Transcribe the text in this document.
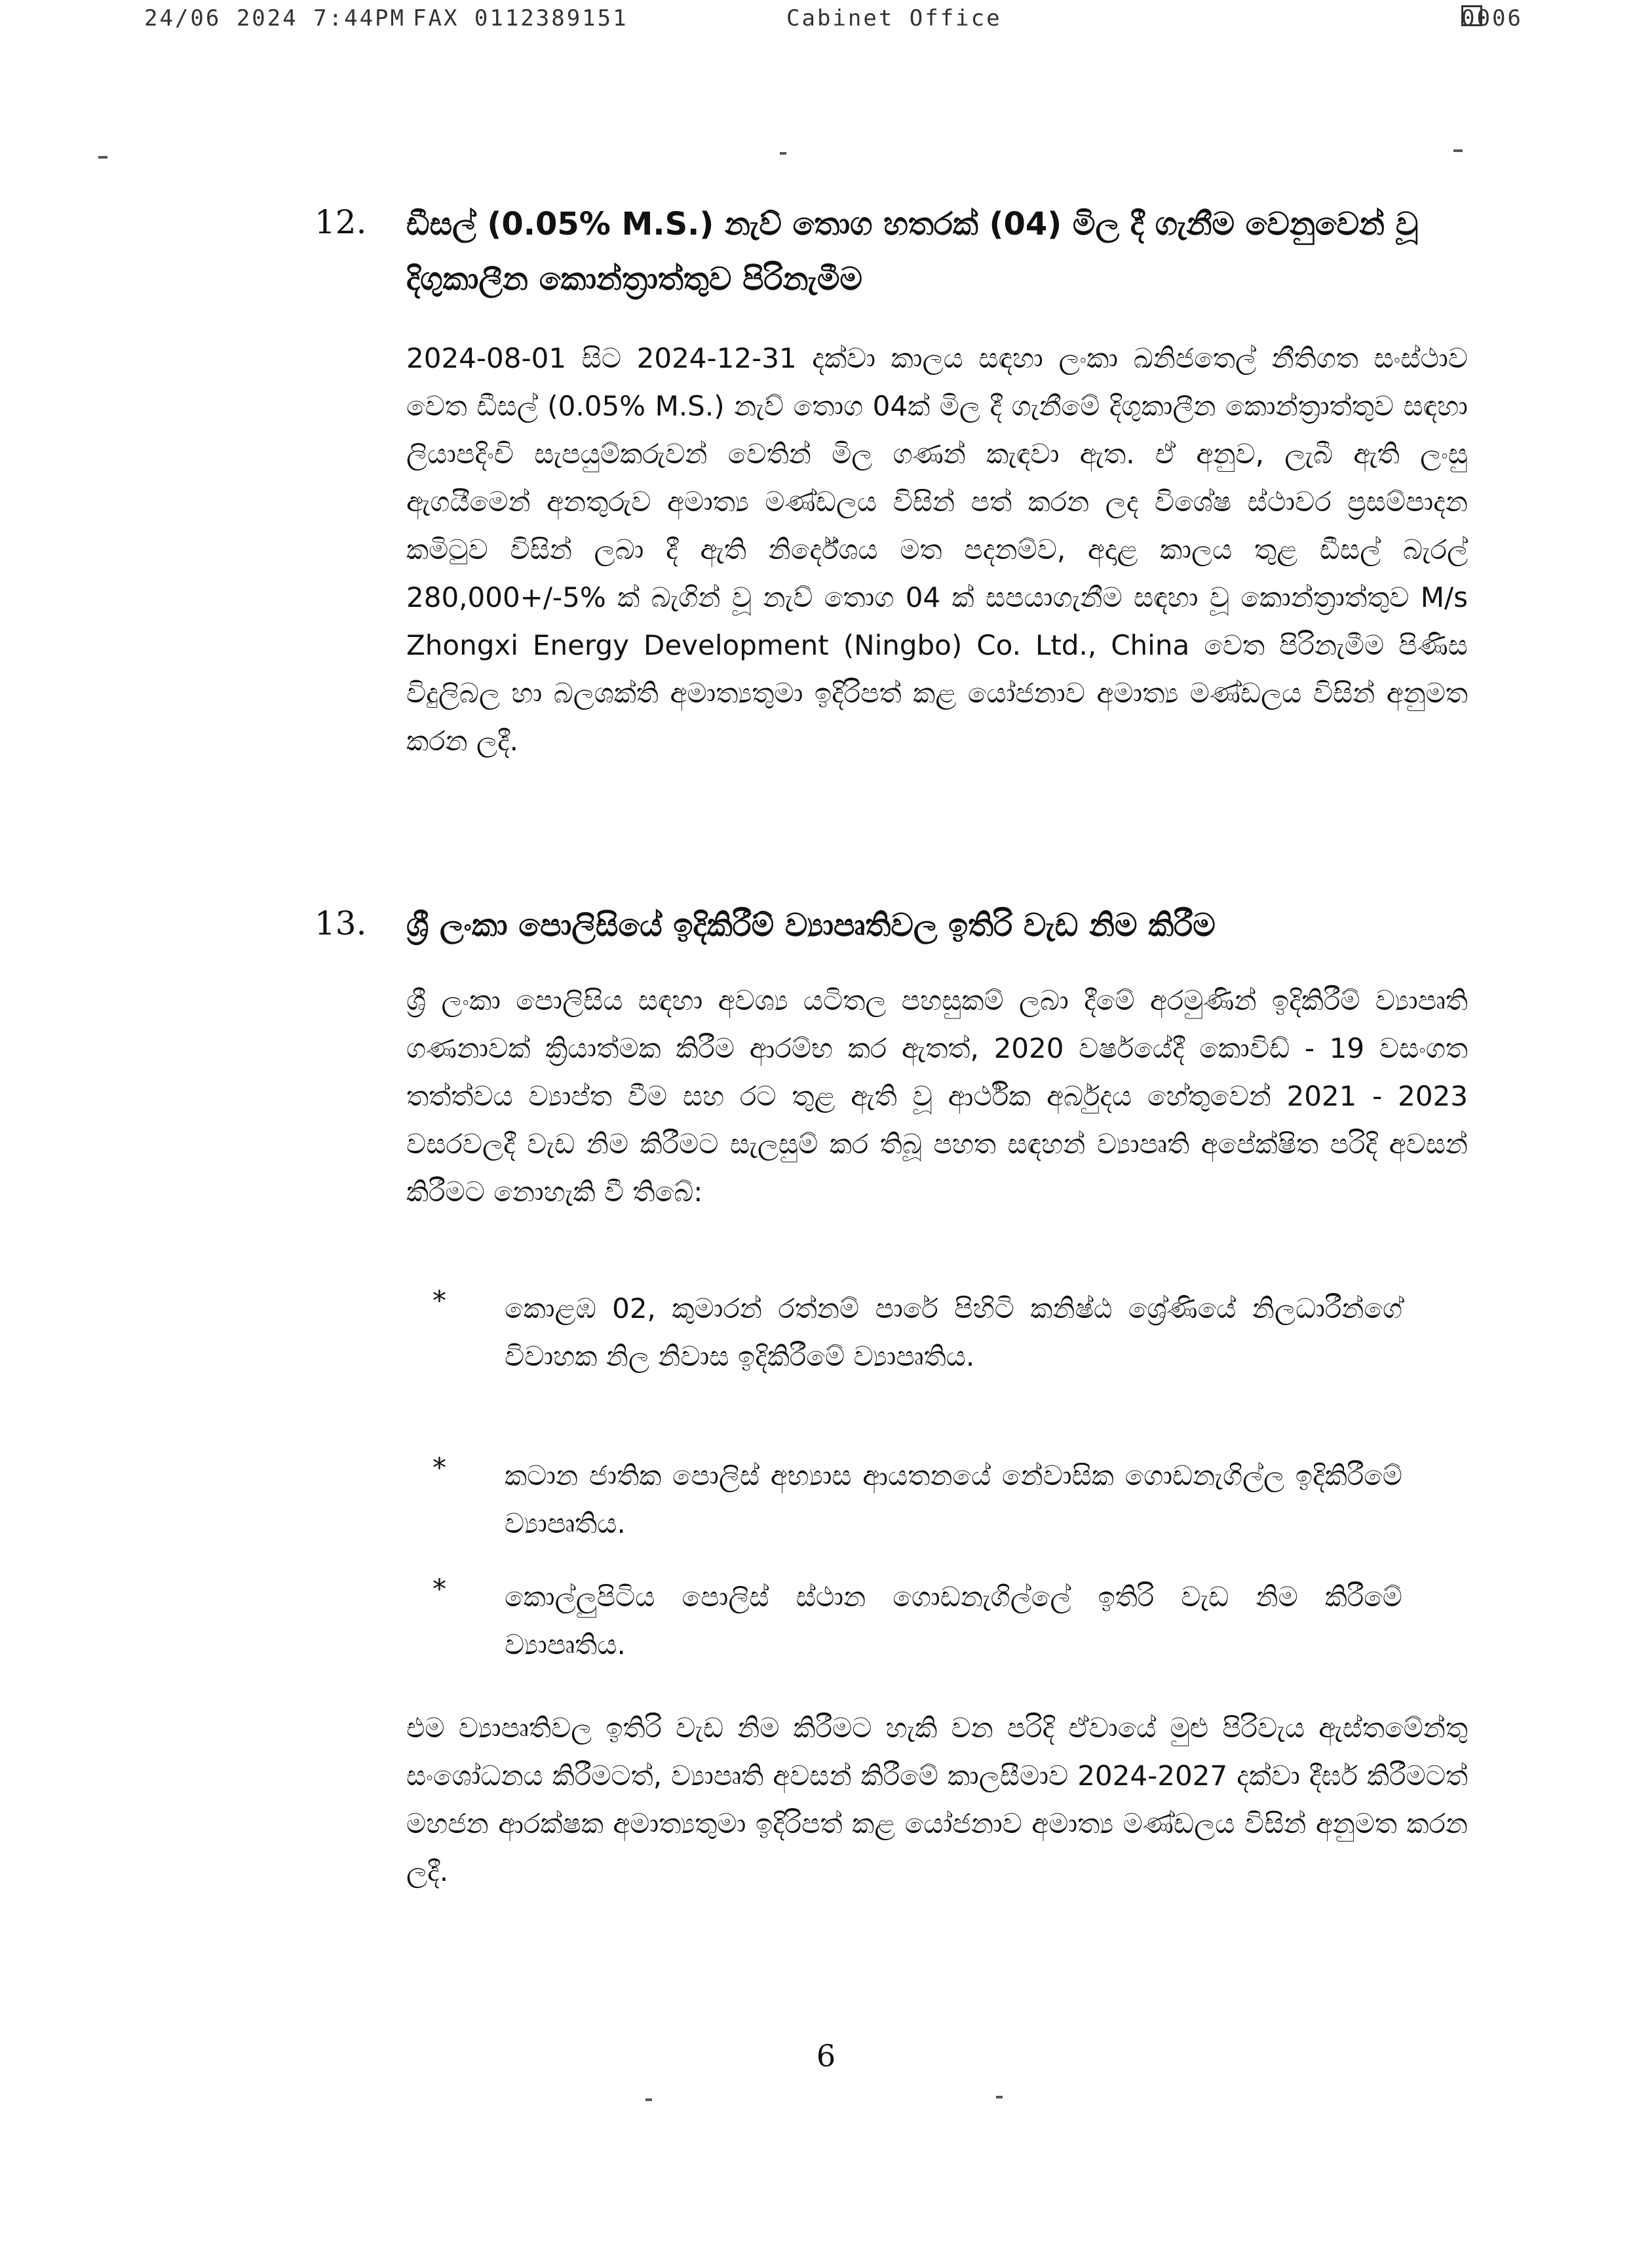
24/06 2024 7:44PM FAX 0112389151	Cabinet Office	0006
12. ඩීසල් (0.05% M.S.) නැව් තොග හතරක් (04) මිල දී ගැනීම වෙනුවෙන් වූ දිගුකාලීන කොන්ත්‍රාත්තුව පිරිනැමීම
2024-08-01 සිට 2024-12-31 දක්වා කාලය සඳහා ලංකා ඛනිජතෙල් නීතිගත සංස්ථාව වෙත ඩීසල් (0.05% M.S.) නැව් තොග 04ක් මිල දී ගැනීමේ දිගුකාලීන කොන්ත්‍රාත්තුව සඳහා ලියාපදිංචි සැපයුම්කරුවන් වෙතින් මිල ගණන් කැඳවා ඇත. ඒ අනුව, ලැබී ඇති ලංසු ඇගයීමෙන් අනතුරුව අමාත්‍ය මණ්ඩලය විසින් පත් කරන ලද විශේෂ ස්ථාවර ප්‍රසම්පාදන කමිටුව විසින් ලබා දී ඇති නිර්දේශය මත පදනම්ව, අදාළ කාලය තුළ ඩීසල් බැරල් 280,000+/-5% ක් බැගින් වූ නැව් තොග 04 ක් සපයාගැනීම සඳහා වූ කොන්ත්‍රාත්තුව M/s Zhongxi Energy Development (Ningbo) Co. Ltd., China වෙත පිරිනැමීම පිණිස විදුලිබල හා බලශක්ති අමාත්‍යතුමා ඉදිරිපත් කළ යෝජනාව අමාත්‍ය මණ්ඩලය විසින් අනුමත කරන ලදී.
13. ශ්‍රී ලංකා පොලිසියේ ඉදිකිරීම් ව්‍යාපෘතිවල ඉතිරි වැඩ නිම කිරීම
ශ්‍රී ලංකා පොලිසිය සඳහා අවශ්‍ය යටිතල පහසුකම් ලබා දීමේ අරමුණින් ඉදිකිරීම් ව්‍යාපෘති ගණනාවක් ක්‍රියාත්මක කිරීම ආරම්භ කර ඇතත්, 2020 වර්ෂයේදී කොවිඩ් - 19 වසංගත තත්ත්වය ව්‍යාප්ත වීම සහ රට තුළ ඇති වූ ආර්ථික අර්බුදය හේතුවෙන් 2021 - 2023 වසරවලදී වැඩ නිම කිරීමට සැලසුම් කර තිබූ පහත සඳහන් ව්‍යාපෘති අපේක්ෂිත පරිදි අවසන් කිරීමට නොහැකි වී තිබේ:
* කොළඹ 02, කුමාරන් රත්නම් පාරේ පිහිටි කනිෂ්ඨ ශ්‍රේණියේ නිලධාරීන්ගේ විවාහක නිල නිවාස ඉදිකිරීමේ ව්‍යාපෘතිය.
* කටාන ජාතික පොලිස් අභ්‍යාස ආයතනයේ නේවාසික ගොඩනැගිල්ල ඉදිකිරීමේ ව්‍යාපෘතිය.
* කොල්ලුපිටිය පොලිස් ස්ථාන ගොඩනැගිල්ලේ ඉතිරි වැඩ නිම කිරීමේ ව්‍යාපෘතිය.
එම ව්‍යාපෘතිවල ඉතිරි වැඩ නිම කිරීමට හැකි වන පරිදි ඒවායේ මුළු පිරිවැය ඇස්තමේන්තු සංශෝධනය කිරීමටත්, ව්‍යාපෘති අවසන් කිරීමේ කාලසීමාව 2024-2027 දක්වා දීර්ඝ කිරීමටත් මහජන ආරක්ෂක අමාත්‍යතුමා ඉදිරිපත් කළ යෝජනාව අමාත්‍ය මණ්ඩලය විසින් අනුමත කරන ලදී.
6
